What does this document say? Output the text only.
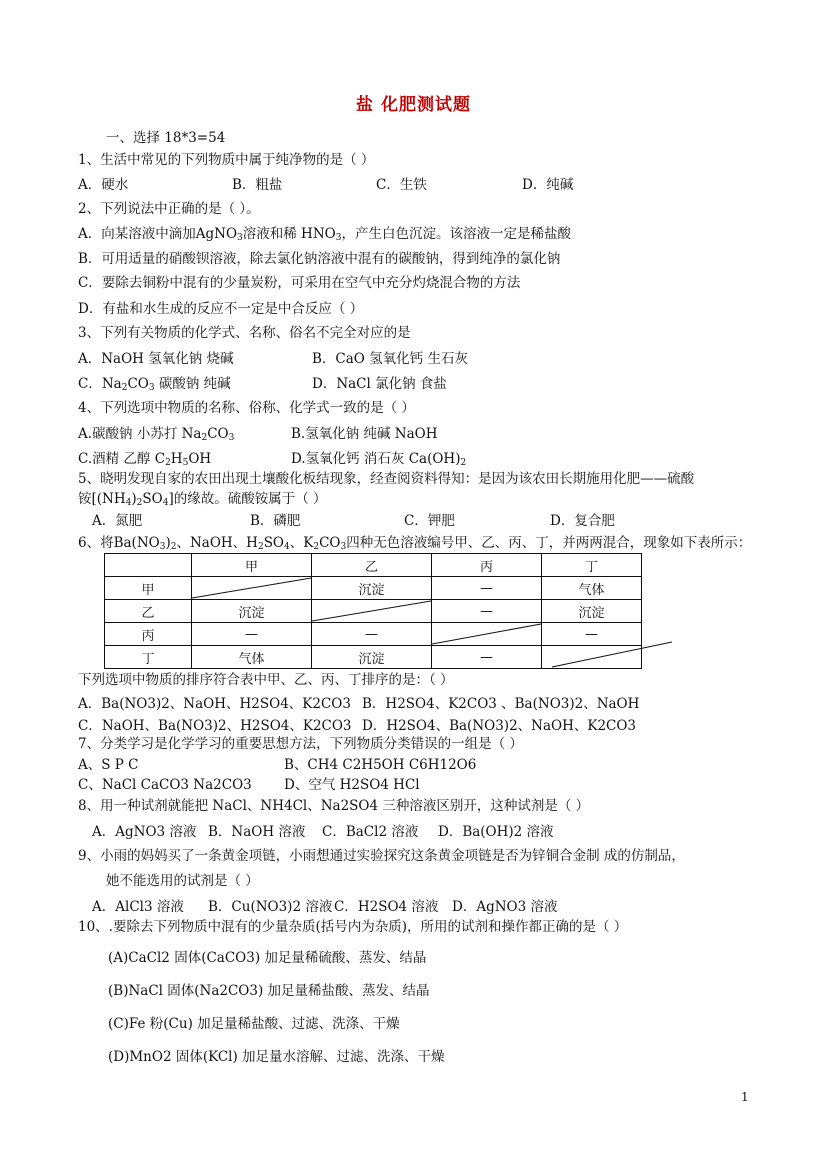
盐 化肥测试题
一、选择 18*3=54
1、生活中常见的下列物质中属于纯净物的是（ ）
A．硬水	B．粗盐	C．生铁	D．纯碱
2、下列说法中正确的是（ ）。
A．向某溶液中滴加AgNO$_3$溶液和稀 $HNO_3$，产生白色沉淀。该溶液一定是稀盐酸
B．可用适量的硝酸钡溶液，除去氯化钠溶液中混有的碳酸钠，得到纯净的氯化钠
C．要除去铜粉中混有的少量炭粉，可采用在空气中充分灼烧混合物的方法
D．有盐和水生成的反应不一定是中合反应（ ）
3、下列有关物质的化学式、名称、俗名不完全对应的是
A．NaOH 氢氧化钠 烧碱	B．CaO 氢氧化钙 生石灰
C．$Na_2CO_3$ 碳酸钠 纯碱	D．NaCl 氯化钠 食盐
4、下列选项中物质的名称、俗称、化学式一致的是（ ）
A.碳酸钠 小苏打 $Na_2CO_3$	B.氢氧化钠 纯碱 NaOH
C.酒精 乙醇 $C_2H_5OH$	D.氢氧化钙 消石灰 $Ca(OH)_2$
5、晓明发现自家的农田出现土壤酸化板结现象，经查阅资料得知：是因为该农田长期施用化肥——硫酸
铵$[(NH_4)_2SO_4]$的缘故。硫酸铵属于（ ）
A．氮肥	B．磷肥	C．钾肥	D．复合肥
6、将$Ba(NO_3)_2$、NaOH、$H_2SO_4$、$K_2CO_3$四种无色溶液编号甲、乙、丙、丁，并两两混合，现象如下表所示：
	甲	乙	丙	丁
甲		沉淀	—	气体
乙	沉淀		—	沉淀
丙	—	—		—
丁	气体	沉淀	—	
下列选项中物质的排序符合表中甲、乙、丙、丁排序的是：（ ）
A．Ba(NO3)2、NaOH、H2SO4、K2CO3 B．H2SO4、K2CO3 、Ba(NO3)2、NaOH
C．NaOH、Ba(NO3)2、H2SO4、K2CO3 D．H2SO4、Ba(NO3)2、NaOH、K2CO3
7、分类学习是化学学习的重要思想方法，下列物质分类错误的一组是（ ）
A、S P C	B、CH4 C2H5OH C6H12O6
C、NaCl CaCO3 Na2CO3 D、空气 H2SO4 HCl
8、用一种试剂就能把 NaCl、NH4Cl、Na2SO4 三种溶液区别开，这种试剂是（ ）
A．AgNO3 溶液 B．NaOH 溶液 C．BaCl2 溶液 D．Ba(OH)2 溶液
9、小雨的妈妈买了一条黄金项链，小雨想通过实验探究这条黄金项链是否为锌铜合金制 成的仿制品，
她不能选用的试剂是（ ）
A．AlCl3 溶液 B．Cu(NO3)2 溶液 C．H2SO4 溶液 D．AgNO3 溶液
10、.要除去下列物质中混有的少量杂质(括号内为杂质)，所用的试剂和操作都正确的是（ ）
(A)CaCl2 固体(CaCO3) 加足量稀硫酸、蒸发、结晶
(B)NaCl 固体(Na2CO3) 加足量稀盐酸、蒸发、结晶
(C)Fe 粉(Cu) 加足量稀盐酸、过滤、洗涤、干燥
(D)MnO2 固体(KCl) 加足量水溶解、过滤、洗涤、干燥
1
